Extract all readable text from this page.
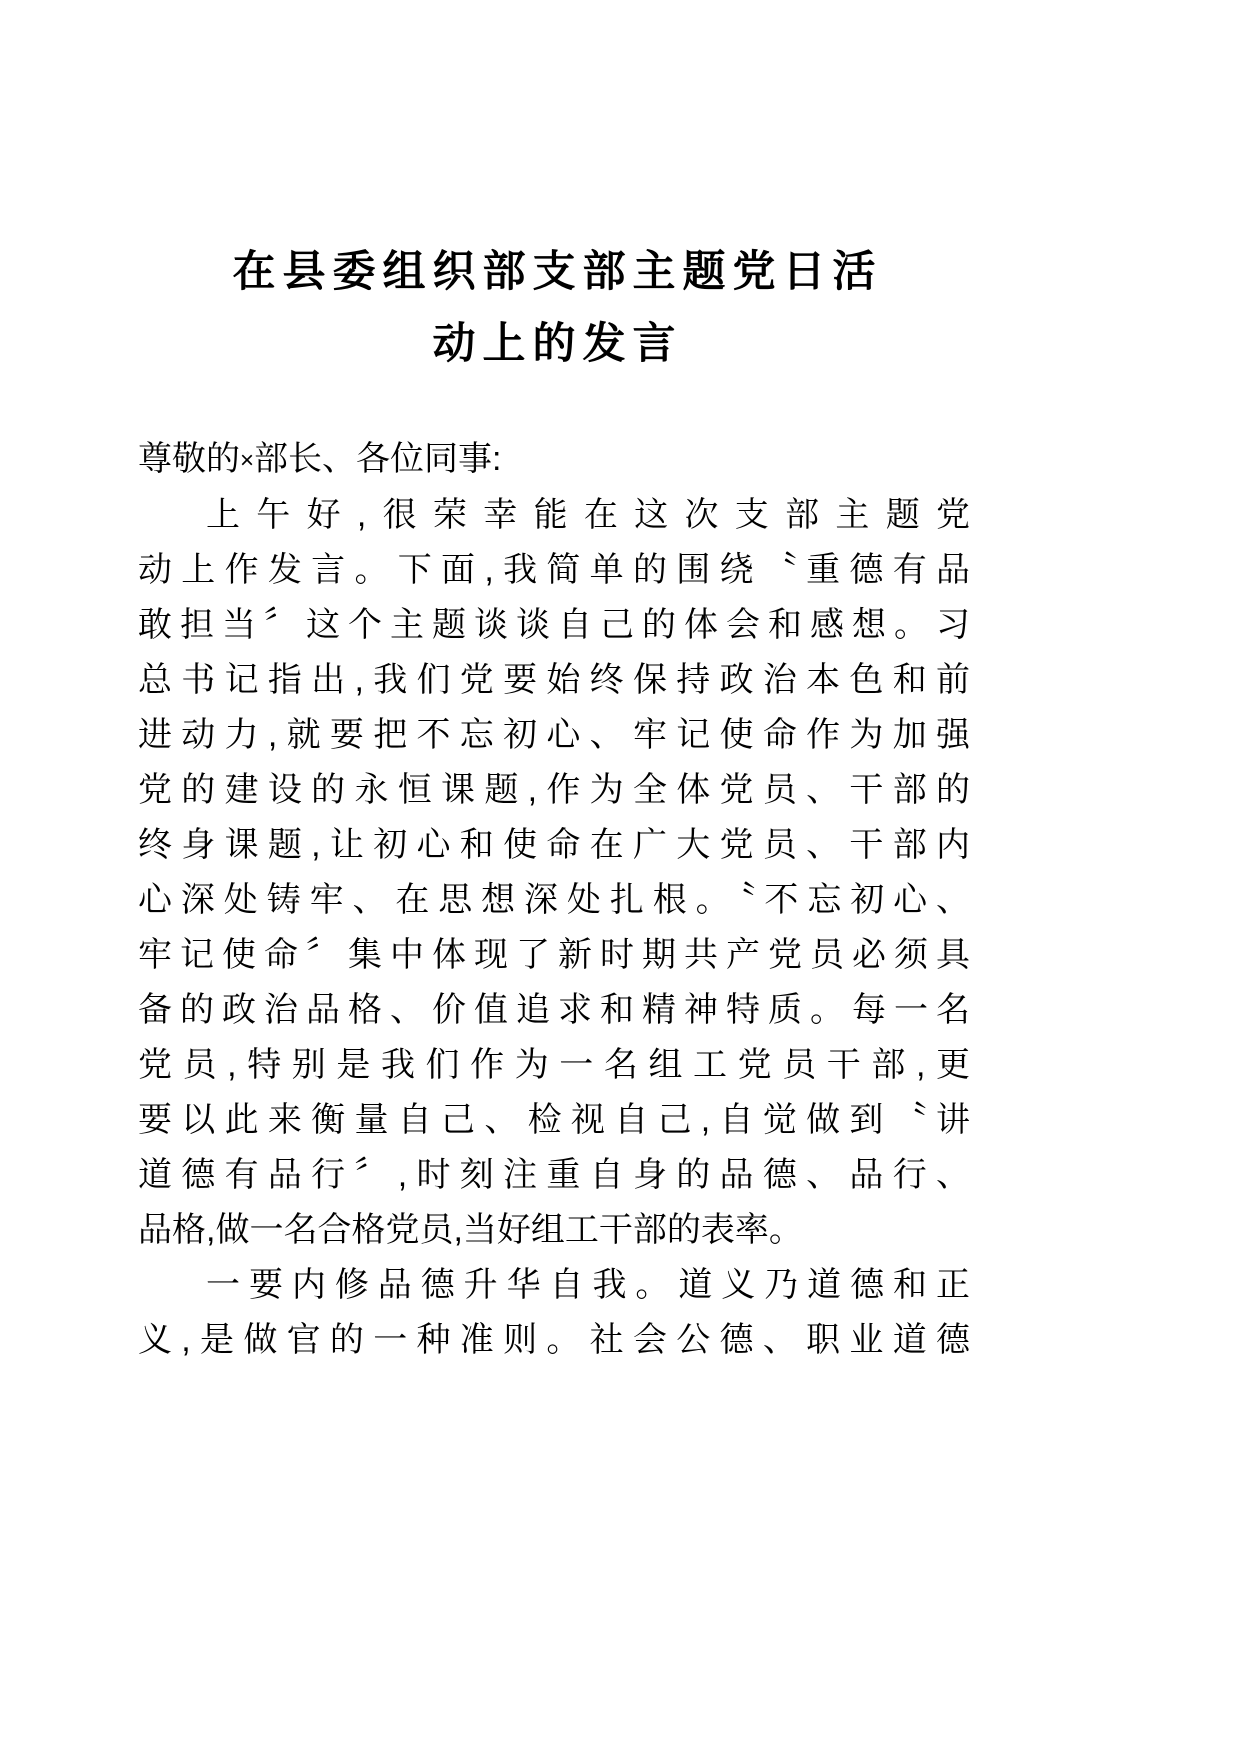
在县委组织部支部主题党日活
动上的发言

尊敬的×部长、各位同事:

上午好,很荣幸能在这次支部主题党
动上作发言。下面,我简单的围绕〝重德有品
敢担当〞这个主题谈谈自己的体会和感想。习
总书记指出,我们党要始终保持政治本色和前
进动力,就要把不忘初心、牢记使命作为加强
党的建设的永恒课题,作为全体党员、干部的
终身课题,让初心和使命在广大党员、干部内
心深处铸牢、在思想深处扎根。〝不忘初心、
牢记使命〞集中体现了新时期共产党员必须具
备的政治品格、价值追求和精神特质。每一名
党员,特别是我们作为一名组工党员干部,更
要以此来衡量自己、检视自己,自觉做到〝讲
道德有品行〞,时刻注重自身的品德、品行、
品格,做一名合格党员,当好组工干部的表率。

一要内修品德升华自我。道义乃道德和正
义,是做官的一种准则。社会公德、职业道德
